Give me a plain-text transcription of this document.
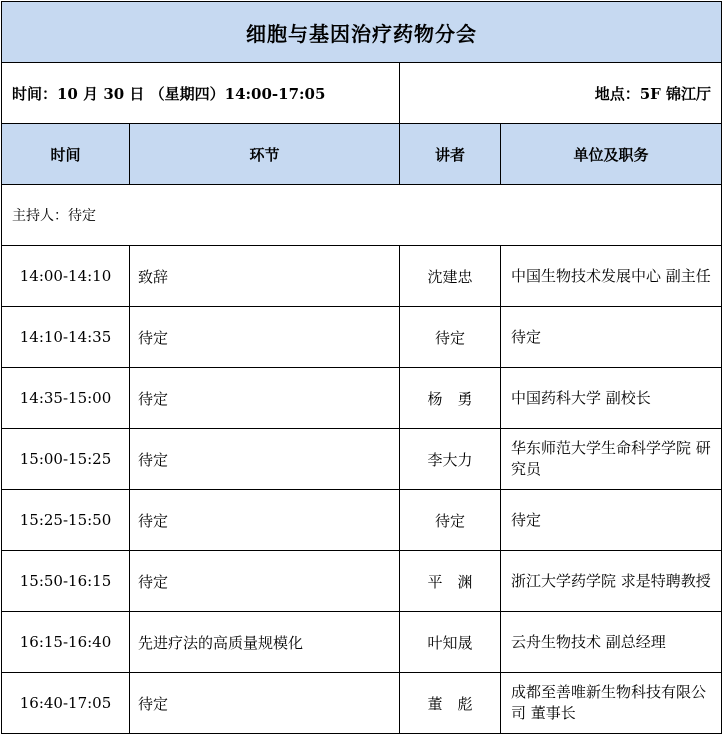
细胞与基因治疗药物分会			
时间：10 月 30 日 （星期四）14:00-17:05		地点：5F 锦江厅	
时间	环节	讲者	单位及职务
主持人：待定			
14:00-14:10	致辞	沈建忠	中国生物技术发展中心 副主任
14:10-14:35	待定	待定	待定
14:35-15:00	待定	杨　勇	中国药科大学 副校长
15:00-15:25	待定	李大力	华东师范大学生命科学学院 研究员
15:25-15:50	待定	待定	待定
15:50-16:15	待定	平　渊	浙江大学药学院 求是特聘教授
16:15-16:40	先进疗法的高质量规模化	叶知晟	云舟生物技术 副总经理
16:40-17:05	待定	董　彪	成都至善唯新生物科技有限公司 董事长
